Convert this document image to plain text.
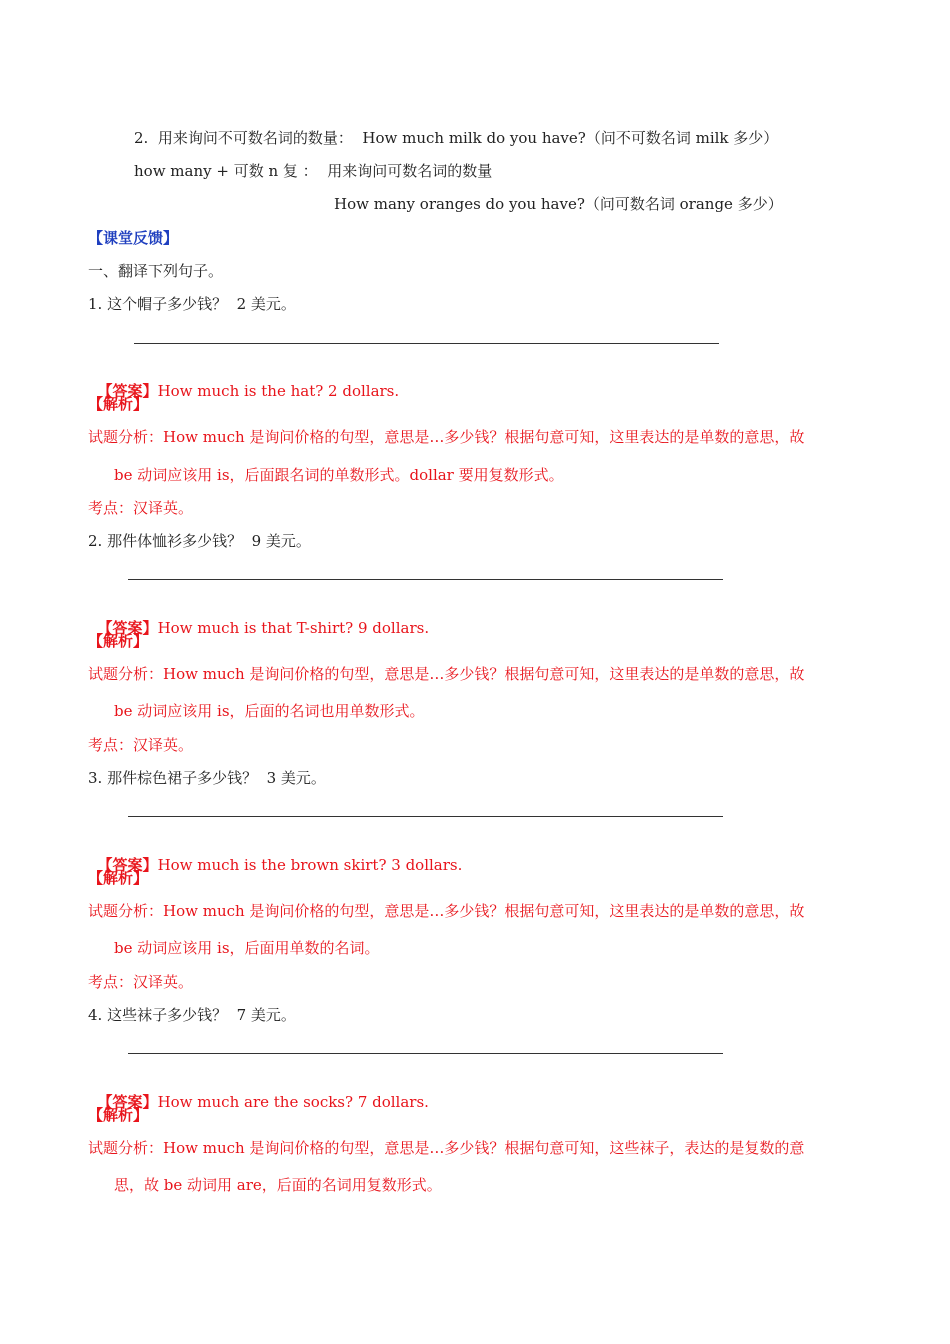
2.  用来询问不可数名词的数量：  How much milk do you have?（问不可数名词 milk 多少）
how many + 可数 n 复 ：  用来询问可数名词的数量
How many oranges do you have?（问可数名词 orange 多少）
【课堂反馈】
一、翻译下列句子。
1. 这个帽子多少钱？  2 美元。

【答案】How much is the hat? 2 dollars.

【解析】
试题分析：How much 是询问价格的句型，意思是…多少钱？根据句意可知，这里表达的是单数的意思，故
be 动词应该用 is，后面跟名词的单数形式。dollar 要用复数形式。
考点：汉译英。
2. 那件体恤衫多少钱？  9 美元。

【答案】How much is that T-shirt? 9 dollars.

【解析】
试题分析：How much 是询问价格的句型，意思是…多少钱？根据句意可知，这里表达的是单数的意思，故
be 动词应该用 is，后面的名词也用单数形式。
考点：汉译英。
3. 那件棕色裙子多少钱？  3 美元。

【答案】How much is the brown skirt? 3 dollars.

【解析】
试题分析：How much 是询问价格的句型，意思是…多少钱？根据句意可知，这里表达的是单数的意思，故
be 动词应该用 is，后面用单数的名词。
考点：汉译英。
4. 这些袜子多少钱？  7 美元。

【答案】How much are the socks? 7 dollars.

【解析】
试题分析：How much 是询问价格的句型，意思是…多少钱？根据句意可知，这些袜子，表达的是复数的意
思，故 be 动词用 are，后面的名词用复数形式。
